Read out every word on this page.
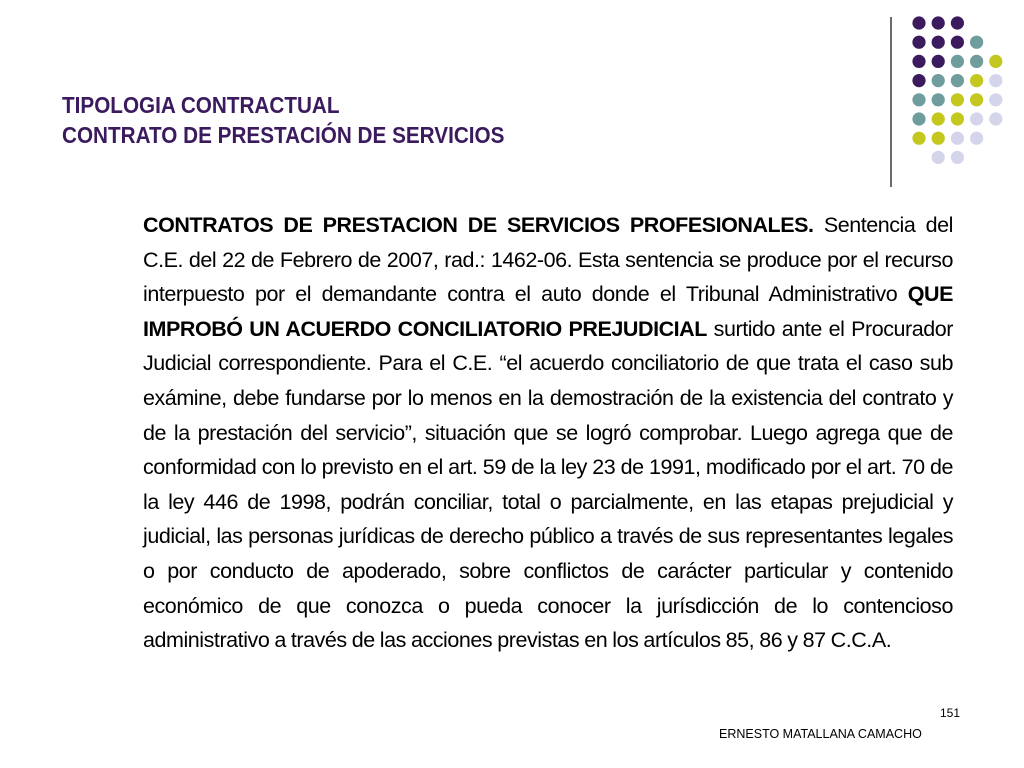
TIPOLOGIA CONTRACTUAL
CONTRATO DE PRESTACIÓN DE SERVICIOS

CONTRATOS DE PRESTACION DE SERVICIOS PROFESIONALES. Sentencia del C.E. del 22 de Febrero de 2007, rad.: 1462-06. Esta sentencia se produce por el recurso interpuesto por el demandante contra el auto donde el Tribunal Administrativo QUE IMPROBÓ UN ACUERDO CONCILIATORIO PREJUDICIAL surtido ante el Procurador Judicial correspondiente. Para el C.E. “el acuerdo conciliatorio de que trata el caso sub exámine, debe fundarse por lo menos en la demostración de la existencia del contrato y de la prestación del servicio”, situación que se logró comprobar. Luego agrega que de conformidad con lo previsto en el art. 59 de la ley 23 de 1991, modificado por el art. 70 de la ley 446 de 1998, podrán conciliar, total o parcialmente, en las etapas prejudicial y judicial, las personas jurídicas de derecho público a través de sus representantes legales o por conducto de apoderado, sobre conflictos de carácter particular y contenido económico de que conozca o pueda conocer la jurísdicción de lo contencioso administrativo a través de las acciones previstas en los artículos 85, 86 y 87 C.C.A.

151
ERNESTO MATALLANA CAMACHO
